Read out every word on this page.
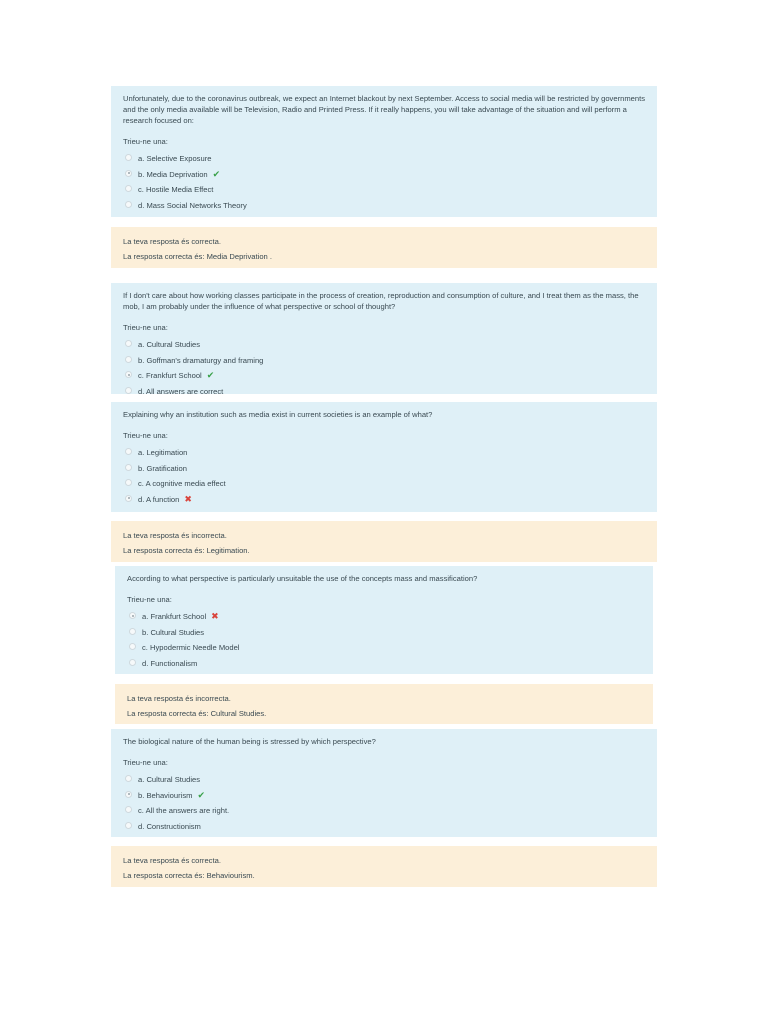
Unfortunately, due to the coronavirus outbreak, we expect an Internet blackout by next September. Access to social media will be restricted by governments and the only media available will be Television, Radio and Printed Press. If it really happens, you will take advantage of the situation and will perform a research focused on:

Trieu-ne una:

a. Selective Exposure
b. Media Deprivation ✔
c. Hostile Media Effect
d. Mass Social Networks Theory
La teva resposta és correcta.
La resposta correcta és: Media Deprivation .

If I don't care about how working classes participate in the process of creation, reproduction and consumption of culture, and I treat them as the mass, the mob, I am probably under the influence of what perspective or school of thought?

Trieu-ne una:

a. Cultural Studies
b. Goffman's dramaturgy and framing
c. Frankfurt School ✔
d. All answers are correct

Explaining why an institution such as media exist in current societies is an example of what?

Trieu-ne una:

a. Legitimation
b. Gratification
c. A cognitive media effect
d. A function ✖
La teva resposta és incorrecta.
La resposta correcta és: Legitimation.

According to what perspective is particularly unsuitable the use of the concepts mass and massification?

Trieu-ne una:

a. Frankfurt School ✖
b. Cultural Studies
c. Hypodermic Needle Model
d. Functionalism
La teva resposta és incorrecta.
La resposta correcta és: Cultural Studies.

The biological nature of the human being is stressed by which perspective?

Trieu-ne una:

a. Cultural Studies
b. Behaviourism ✔
c. All the answers are right.
d. Constructionism
La teva resposta és correcta.
La resposta correcta és: Behaviourism.
